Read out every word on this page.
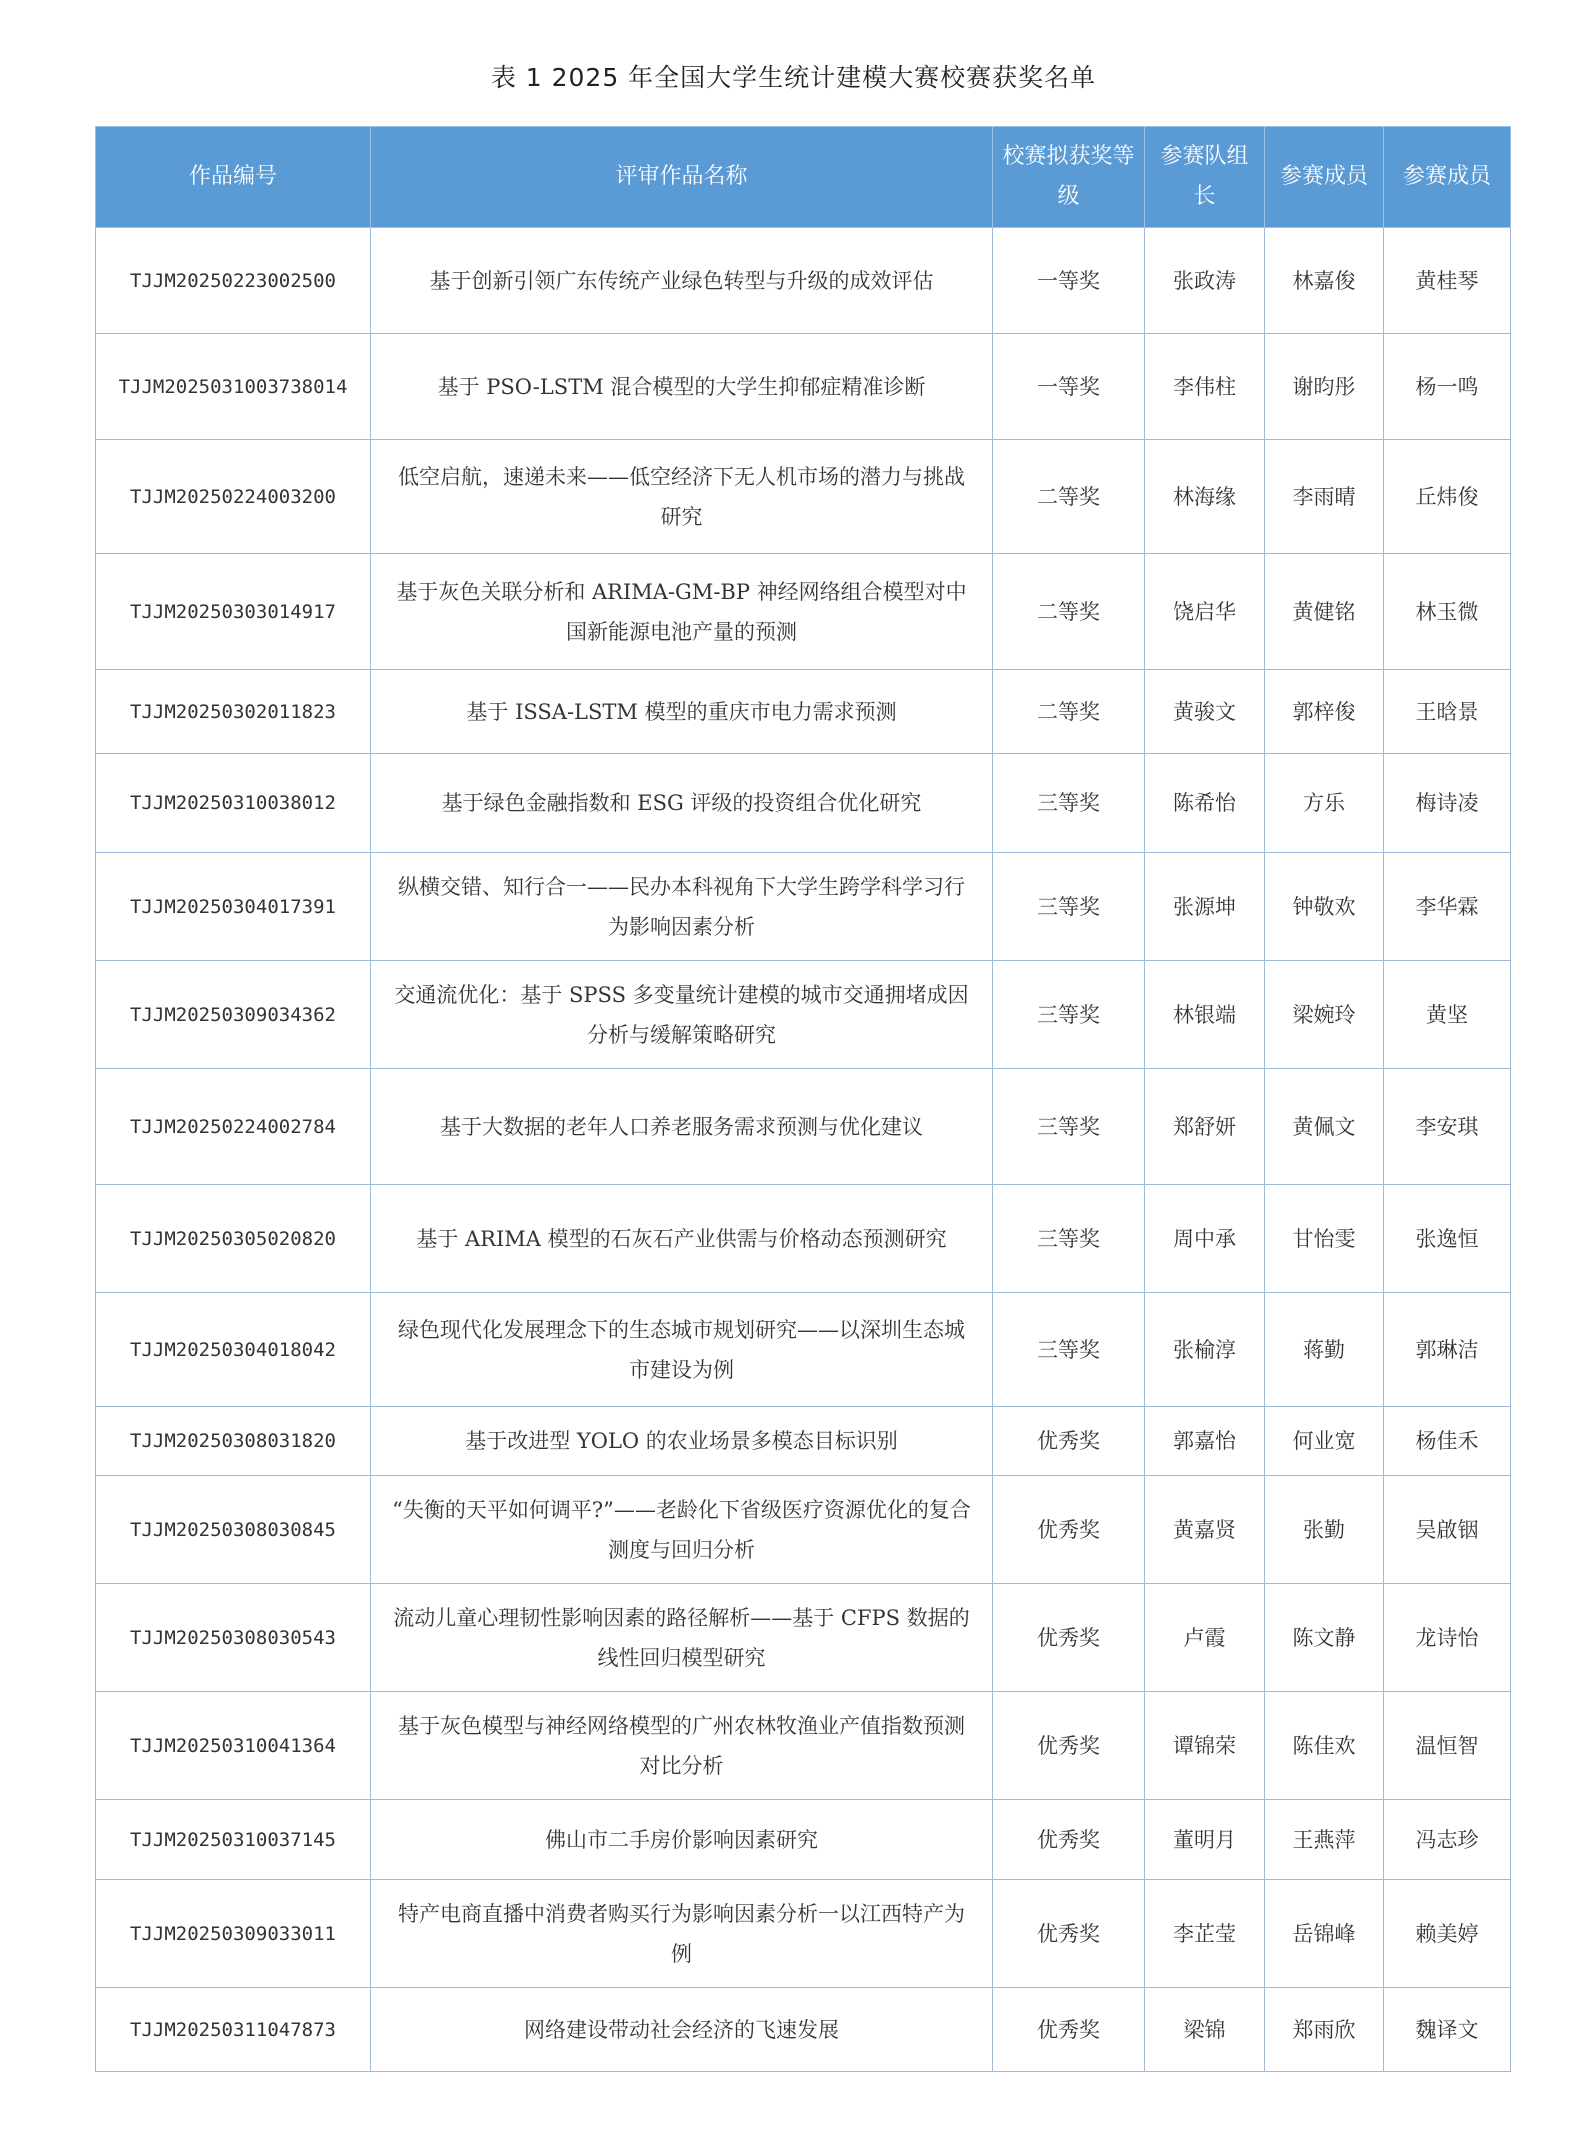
表 1 2025 年全国大学生统计建模大赛校赛获奖名单
作品编号	评审作品名称	校赛拟获奖等级	参赛队组长	参赛成员	参赛成员
TJJM20250223002500	基于创新引领广东传统产业绿色转型与升级的成效评估	一等奖	张政涛	林嘉俊	黄桂琴
TJJM2025031003738014	基于 PSO-LSTM 混合模型的大学生抑郁症精准诊断	一等奖	李伟柱	谢昀彤	杨一鸣
TJJM20250224003200	低空启航，速递未来——低空经济下无人机市场的潜力与挑战研究	二等奖	林海缘	李雨晴	丘炜俊
TJJM20250303014917	基于灰色关联分析和 ARIMA-GM-BP 神经网络组合模型对中国新能源电池产量的预测	二等奖	饶启华	黄健铭	林玉微
TJJM20250302011823	基于 ISSA-LSTM 模型的重庆市电力需求预测	二等奖	黄骏文	郭梓俊	王晗景
TJJM20250310038012	基于绿色金融指数和 ESG 评级的投资组合优化研究	三等奖	陈希怡	方乐	梅诗凌
TJJM20250304017391	纵横交错、知行合一——民办本科视角下大学生跨学科学习行为影响因素分析	三等奖	张源坤	钟敬欢	李华霖
TJJM20250309034362	交通流优化：基于 SPSS 多变量统计建模的城市交通拥堵成因分析与缓解策略研究	三等奖	林银端	梁婉玲	黄坚
TJJM20250224002784	基于大数据的老年人口养老服务需求预测与优化建议	三等奖	郑舒妍	黄佩文	李安琪
TJJM20250305020820	基于 ARIMA 模型的石灰石产业供需与价格动态预测研究	三等奖	周中承	甘怡雯	张逸恒
TJJM20250304018042	绿色现代化发展理念下的生态城市规划研究——以深圳生态城市建设为例	三等奖	张榆淳	蒋勤	郭琳洁
TJJM20250308031820	基于改进型 YOLO 的农业场景多模态目标识别	优秀奖	郭嘉怡	何业宽	杨佳禾
TJJM20250308030845	“失衡的天平如何调平?”——老龄化下省级医疗资源优化的复合测度与回归分析	优秀奖	黄嘉贤	张勤	吴啟铟
TJJM20250308030543	流动儿童心理韧性影响因素的路径解析——基于 CFPS 数据的线性回归模型研究	优秀奖	卢霞	陈文静	龙诗怡
TJJM20250310041364	基于灰色模型与神经网络模型的广州农林牧渔业产值指数预测对比分析	优秀奖	谭锦荣	陈佳欢	温恒智
TJJM20250310037145	佛山市二手房价影响因素研究	优秀奖	董明月	王燕萍	冯志珍
TJJM20250309033011	特产电商直播中消费者购买行为影响因素分析一以江西特产为例	优秀奖	李芷莹	岳锦峰	赖美婷
TJJM20250311047873	网络建设带动社会经济的飞速发展	优秀奖	梁锦	郑雨欣	魏译文
